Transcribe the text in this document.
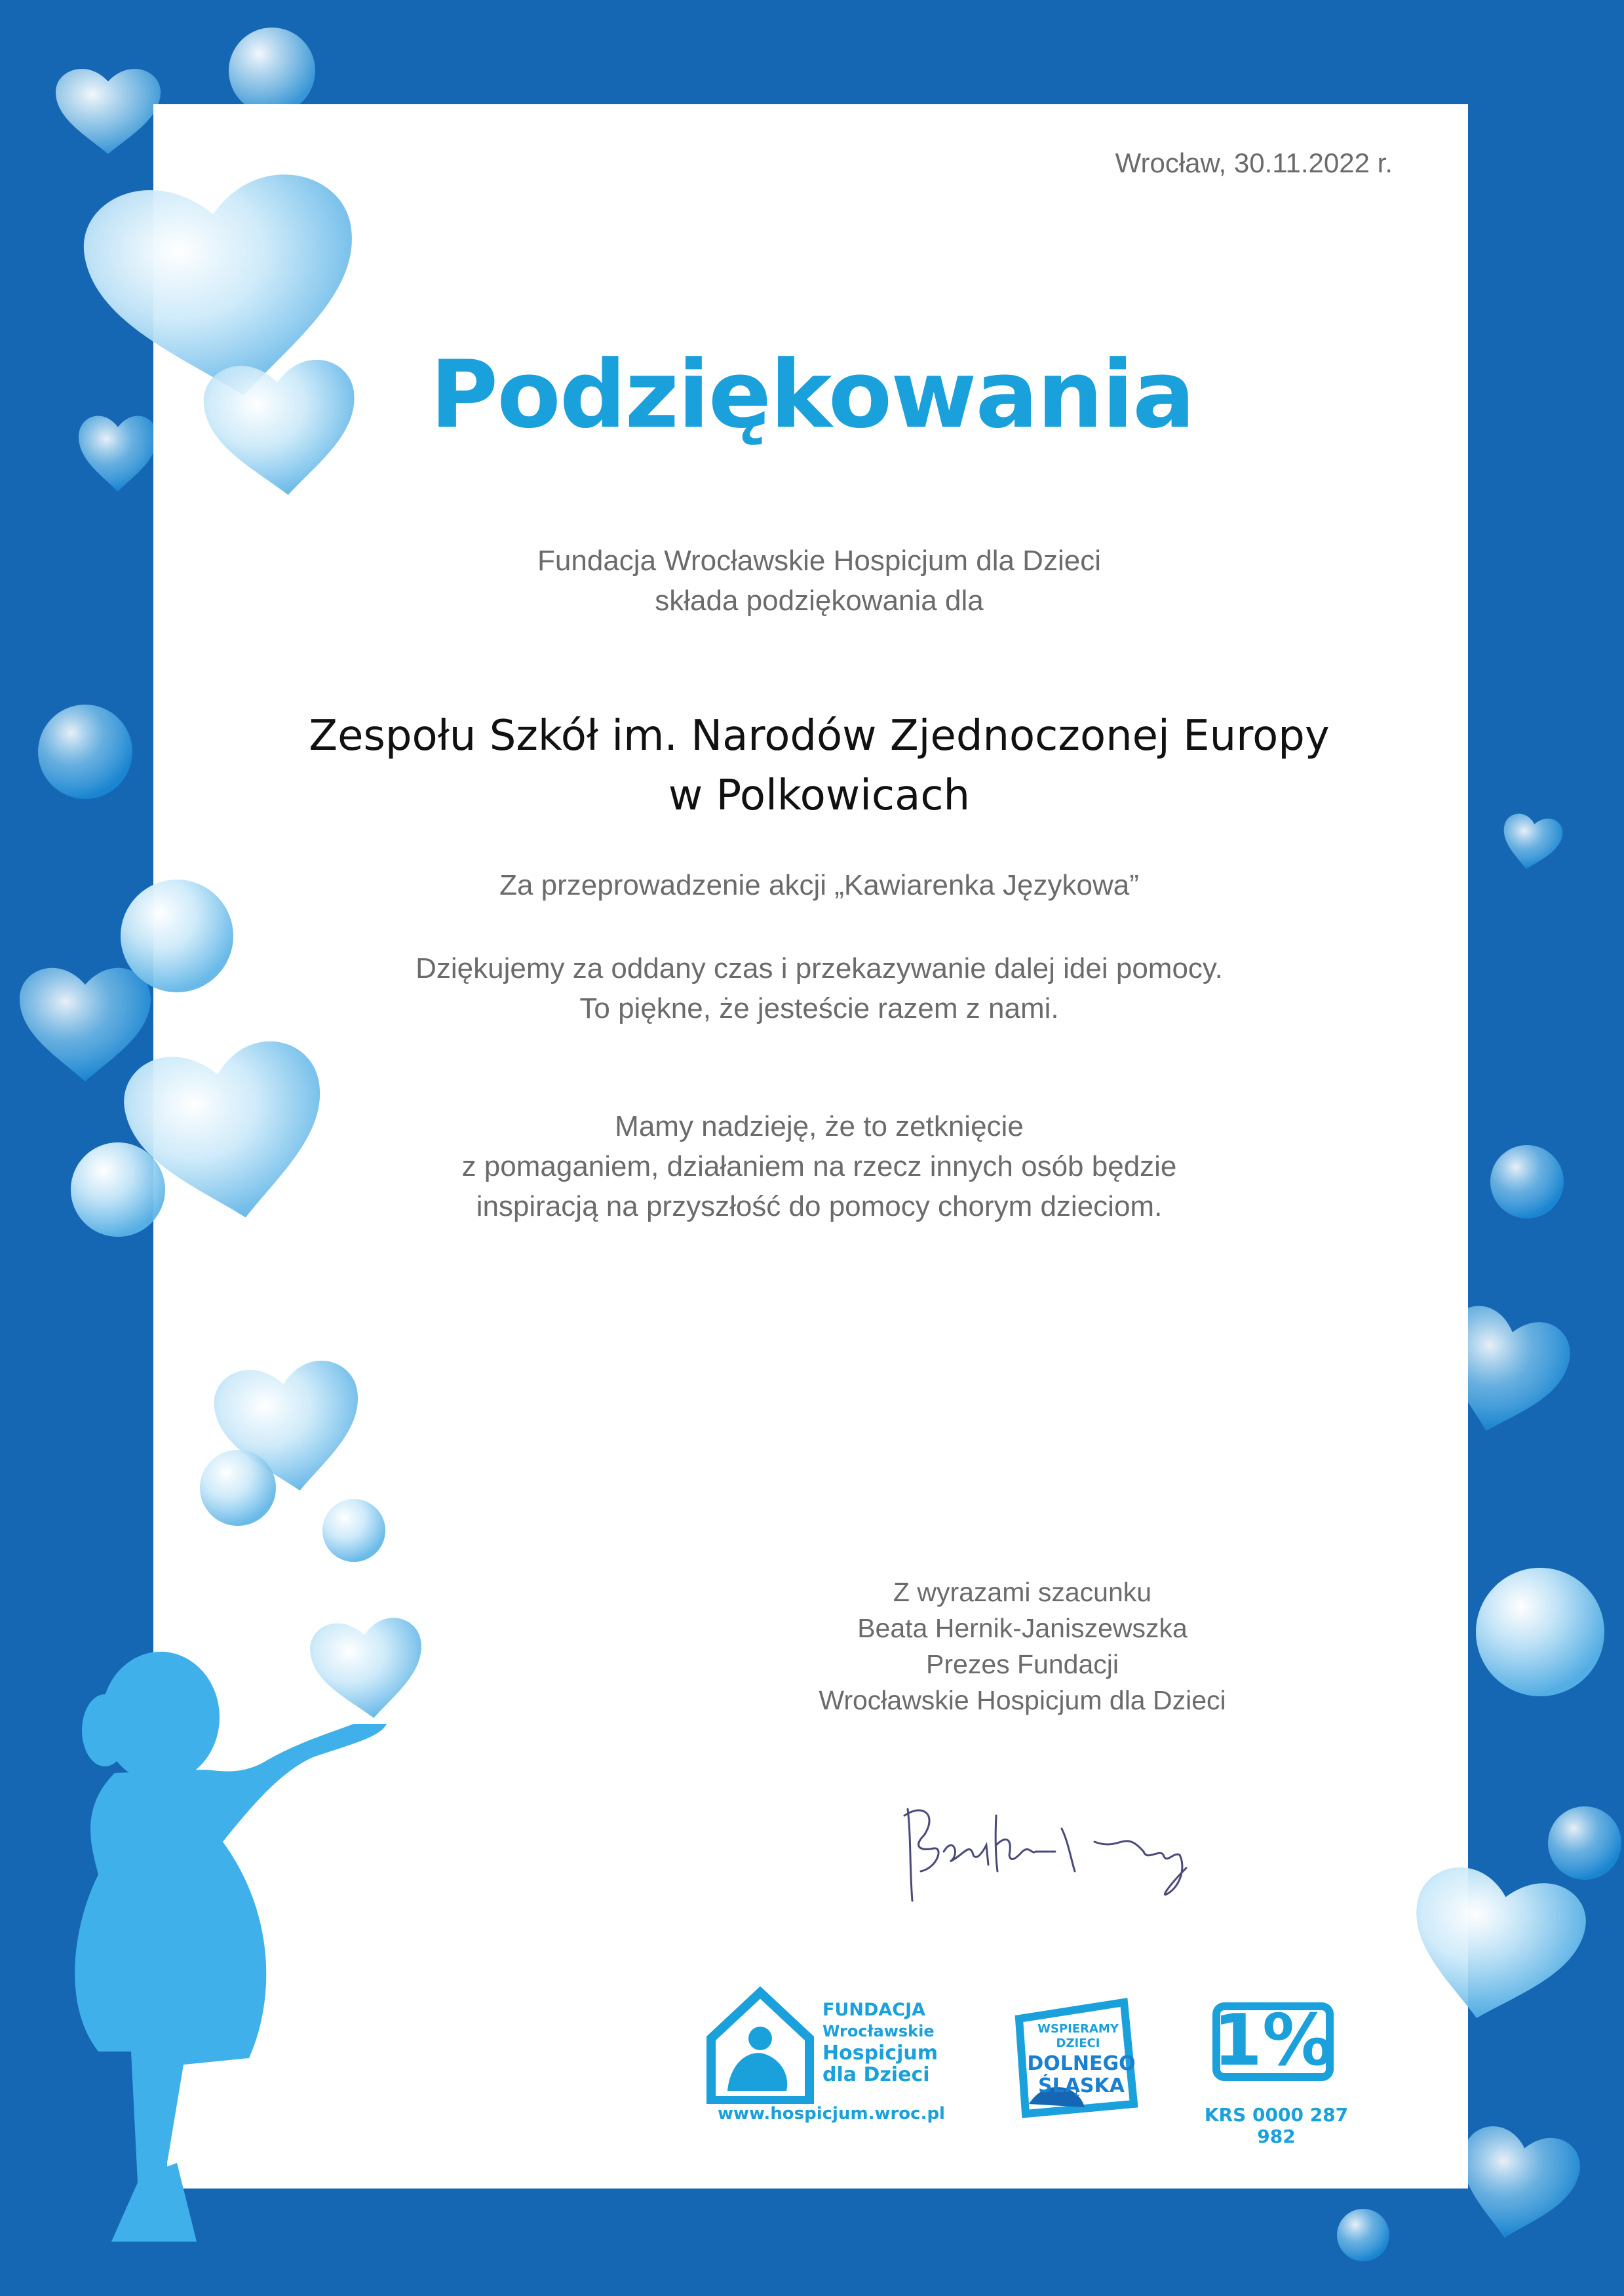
Wrocław, 30.11.2022 r.
Podziękowania
Fundacja Wrocławskie Hospicjum dla Dzieci
składa podziękowania dla
Zespołu Szkół im. Narodów Zjednoczonej Europy
w Polkowicach
Za przeprowadzenie akcji „Kawiarenka Językowa”
Dziękujemy za oddany czas i przekazywanie dalej idei pomocy.
To piękne, że jesteście razem z nami.
Mamy nadzieję, że to zetknięcie
z pomaganiem, działaniem na rzecz innych osób będzie
inspiracją na przyszłość do pomocy chorym dzieciom.
Z wyrazami szacunku
Beata Hernik-Janiszewszka
Prezes Fundacji
Wrocławskie Hospicjum dla Dzieci
FUNDACJA
Wrocławskie
Hospicjum
dla Dzieci
www.hospicjum.wroc.pl
WSPIERAMY
DZIECI
DOLNEGO
ŚLĄSKA
1%
KRS 0000 287 982
